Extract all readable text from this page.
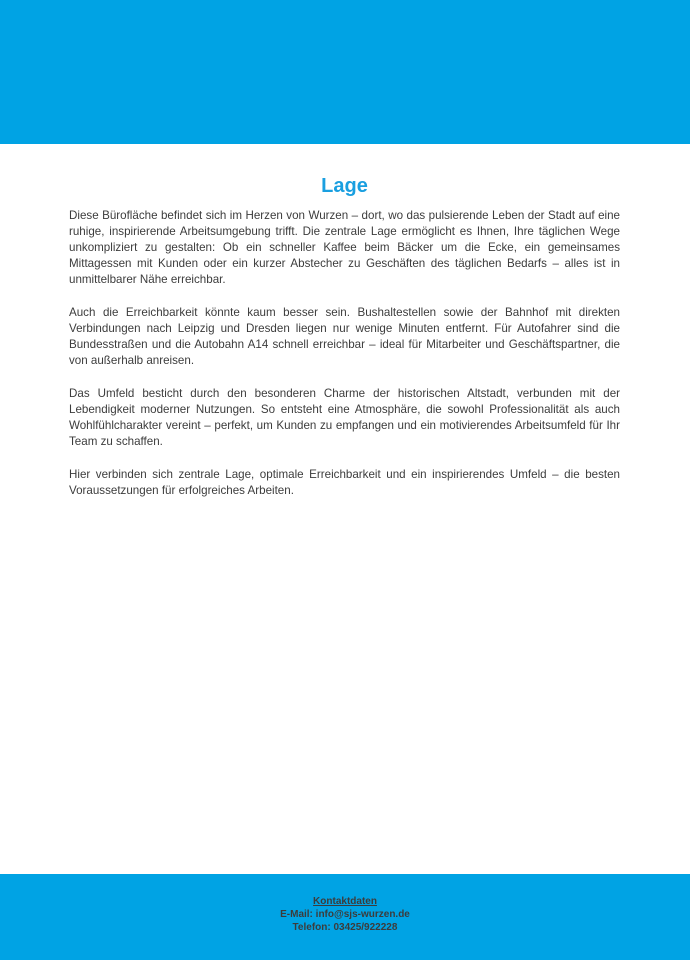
Lage

Diese Bürofläche befindet sich im Herzen von Wurzen – dort, wo das pulsierende Leben der Stadt auf eine ruhige, inspirierende Arbeitsumgebung trifft. Die zentrale Lage ermöglicht es Ihnen, Ihre täglichen Wege unkompliziert zu gestalten: Ob ein schneller Kaffee beim Bäcker um die Ecke, ein gemeinsames Mittagessen mit Kunden oder ein kurzer Abstecher zu Geschäften des täglichen Bedarfs – alles ist in unmittelbarer Nähe erreichbar.

Auch die Erreichbarkeit könnte kaum besser sein. Bushaltestellen sowie der Bahnhof mit direkten Verbindungen nach Leipzig und Dresden liegen nur wenige Minuten entfernt. Für Autofahrer sind die Bundesstraßen und die Autobahn A14 schnell erreichbar – ideal für Mitarbeiter und Geschäftspartner, die von außerhalb anreisen.

Das Umfeld besticht durch den besonderen Charme der historischen Altstadt, verbunden mit der Lebendigkeit moderner Nutzungen. So entsteht eine Atmosphäre, die sowohl Professionalität als auch Wohlfühlcharakter vereint – perfekt, um Kunden zu empfangen und ein motivierendes Arbeitsumfeld für Ihr Team zu schaffen.

Hier verbinden sich zentrale Lage, optimale Erreichbarkeit und ein inspirierendes Umfeld – die besten Voraussetzungen für erfolgreiches Arbeiten.

Kontaktdaten
E-Mail: info@sjs-wurzen.de
Telefon: 03425/922228
